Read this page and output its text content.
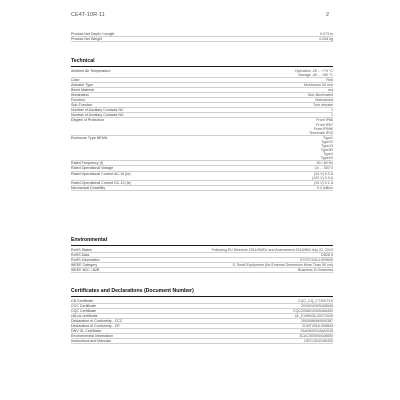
CE4T-10R-11	2
Product Net Depth / Length	0.073 m
Product Net Weight	0.038 kg
Technical
Ambient Air Temperature	Operation -25 ... +70 °C
Storage -40 ... +80 °C
Color	Red
Actuator Type	Mushroom 40 mm
Bezel Material	n/a
Illumination	Non-Illuminated
Function	Maintained
Sub-Function	Turn release
Number of Auxiliary Contacts NC	1
Number of Auxiliary Contacts NO	1
Degree of Protection	Front IP66
Front IP67
Front IP69K
Terminals IP20
Enclosure Type NEMA	Type1
Type12
Type13
Type3R
Type4
Type4X
Rated Frequency (f)	50 / 60 Hz
Rated Operational Voltage	24 ... 300 V
Rated Operational Current AC-15 (Ie)	(24 V) 0.3 A
(120 V) 0.3 A
Rated Operational Current DC-13 (Ie)	(24 V) 0.1 A
Mechanical Durability	0.3 million
Environmental
RoHS Status	Following EU Directive 2011/65/EU and Amendment 2015/863 July 22, 2019
RoHS Data	DB28 5
RoHS Information	ET4TC0414-909600
WEEE Category	5. Small Equipment (No External Dimension More Than 50 cm)
WEEE B2C / B2B	Business To Business
Certificates and Declarations (Document Number)
CB Certificate	CQC_CQ_CT2007XX
CCC Certificate	2010010305436545
CQC Certificate	CQC2008010305468450
cULus certificate	UL_E496430-20171020
Declaration of Conformity - CCC	2000086590000387
Declaration of Conformity - CE	2CMT2016-005843
DNV GL Certificate	TAA000023AA/2018
Environmental Information	3CAC000000448000
Instructions and Manuals	1SFC1510180400
